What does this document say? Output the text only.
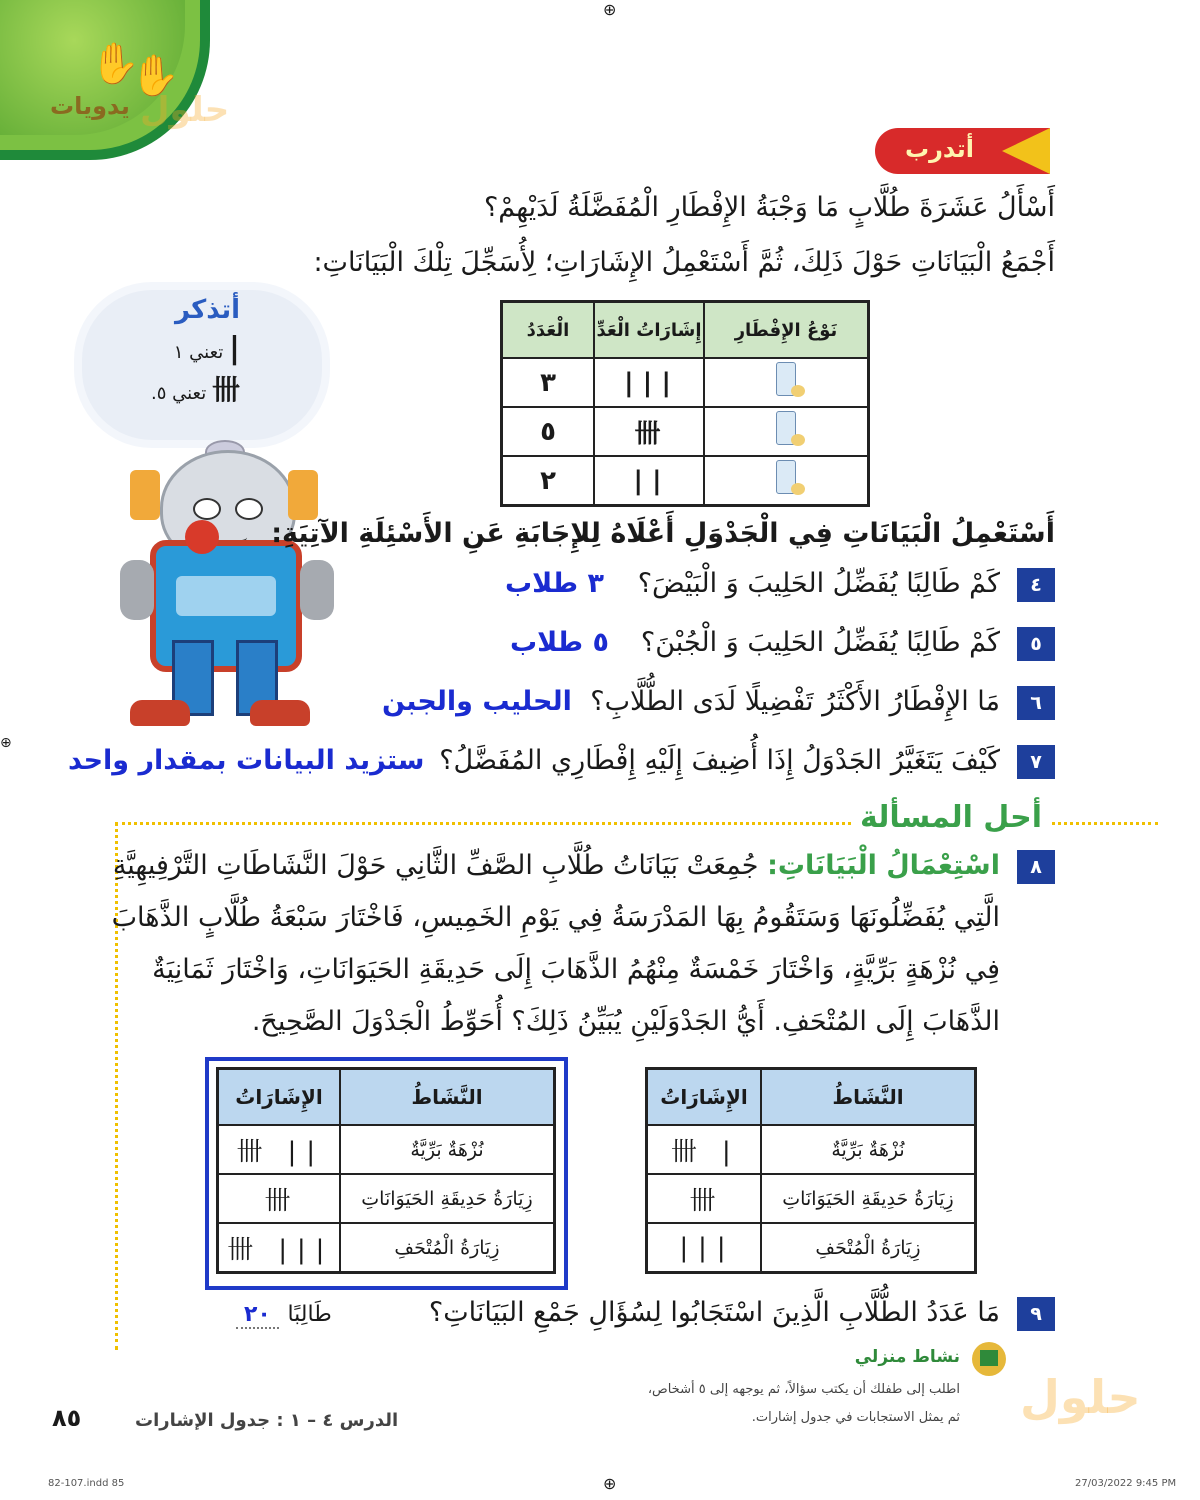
✋
✋
يدويات حلول
⊕
⊕
أتدرب
أَسْأَلُ عَشَرَةَ طُلَّابٍ مَا وَجْبَةُ الإِفْطَارِ الْمُفَضَّلَةُ لَدَيْهِمْ؟
أَجْمَعُ الْبَيَانَاتِ حَوْلَ ذَلِكَ، ثُمَّ أَسْتَعْمِلُ الإِشَارَاتِ؛ لِأُسَجِّلَ تِلْكَ الْبَيَانَاتِ:
أتذكر
| تعني ١
卌 تعني ٥.
الْعَدَدُ	إِشَارَاتُ الْعَدِّ	نَوْعُ الإِفْطَارِ
٣	|||	
٥	卌	
٢	||	
أَسْتَعْمِلُ الْبَيَانَاتِ فِي الْجَدْوَلِ أَعْلَاهُ لِلإِجَابَةِ عَنِ الأَسْئِلَةِ الآتِيَةِ:
٤
كَمْ طَالِبًا يُفَضِّلُ الحَلِيبَ وَ الْبَيْضَ؟
٣ طلاب
٥
كَمْ طَالِبًا يُفَضِّلُ الحَلِيبَ وَ الْجُبْنَ؟
٥ طلاب
٦
مَا الإِفْطَارُ الأَكْثَرُ تَفْضِيلًا لَدَى الطُّلَّابِ؟
الحليب والجبن
٧
كَيْفَ يَتَغَيَّرُ الجَدْوَلُ إِذَا أُضِيفَ إِلَيْهِ إِفْطَارِي المُفَضَّلُ؟
ستزيد البيانات بمقدار واحد
أحل المسألة
٨
اسْتِعْمَالُ الْبَيَانَاتِ: جُمِعَتْ بَيَانَاتُ طُلَّابِ الصَّفِّ الثَّانِي حَوْلَ النَّشَاطَاتِ التَّرْفِيهِيَّةِ
الَّتِي يُفَضِّلُونَهَا وَسَتَقُومُ بِهَا المَدْرَسَةُ فِي يَوْمِ الخَمِيسِ، فَاخْتَارَ سَبْعَةُ طُلَّابٍ الذَّهَابَ
فِي نُزْهَةٍ بَرِّيَّةٍ، وَاخْتَارَ خَمْسَةٌ مِنْهُمُ الذَّهَابَ إِلَى حَدِيقَةِ الحَيَوَانَاتِ، وَاخْتَارَ ثَمَانِيَةٌ
الذَّهَابَ إِلَى المُتْحَفِ. أَيُّ الجَدْوَلَيْنِ يُبَيِّنُ ذَلِكَ؟ أُحَوِّطُ الْجَدْوَلَ الصَّحِيحَ.
الإِشَارَاتُ	النَّشَاطُ
卌 ||	نُزْهَةٌ بَرِّيَّةٌ
卌	زِيَارَةُ حَدِيقَةِ الحَيَوَانَاتِ
卌 |||	زِيَارَةُ الْمُتْحَفِ
الإِشَارَاتُ	النَّشَاطُ
卌 |	نُزْهَةٌ بَرِّيَّةٌ
卌	زِيَارَةُ حَدِيقَةِ الحَيَوَانَاتِ
|||	زِيَارَةُ الْمُتْحَفِ
٩
مَا عَدَدُ الطُّلَّابِ الَّذِينَ اسْتَجَابُوا لِسُؤَالِ جَمْعِ البَيَانَاتِ؟
طَالِبًا ٢٠
نشاط منزلي
اطلب إلى طفلك أن يكتب سؤالاً، ثم يوجهه إلى ٥ أشخاص،
ثم يمثل الاستجابات في جدول إشارات. حلول
٨٥	الدرس ٤ – ١ : جدول الإشارات
82-107.indd 85	⊕	27/03/2022 9:45 PM
